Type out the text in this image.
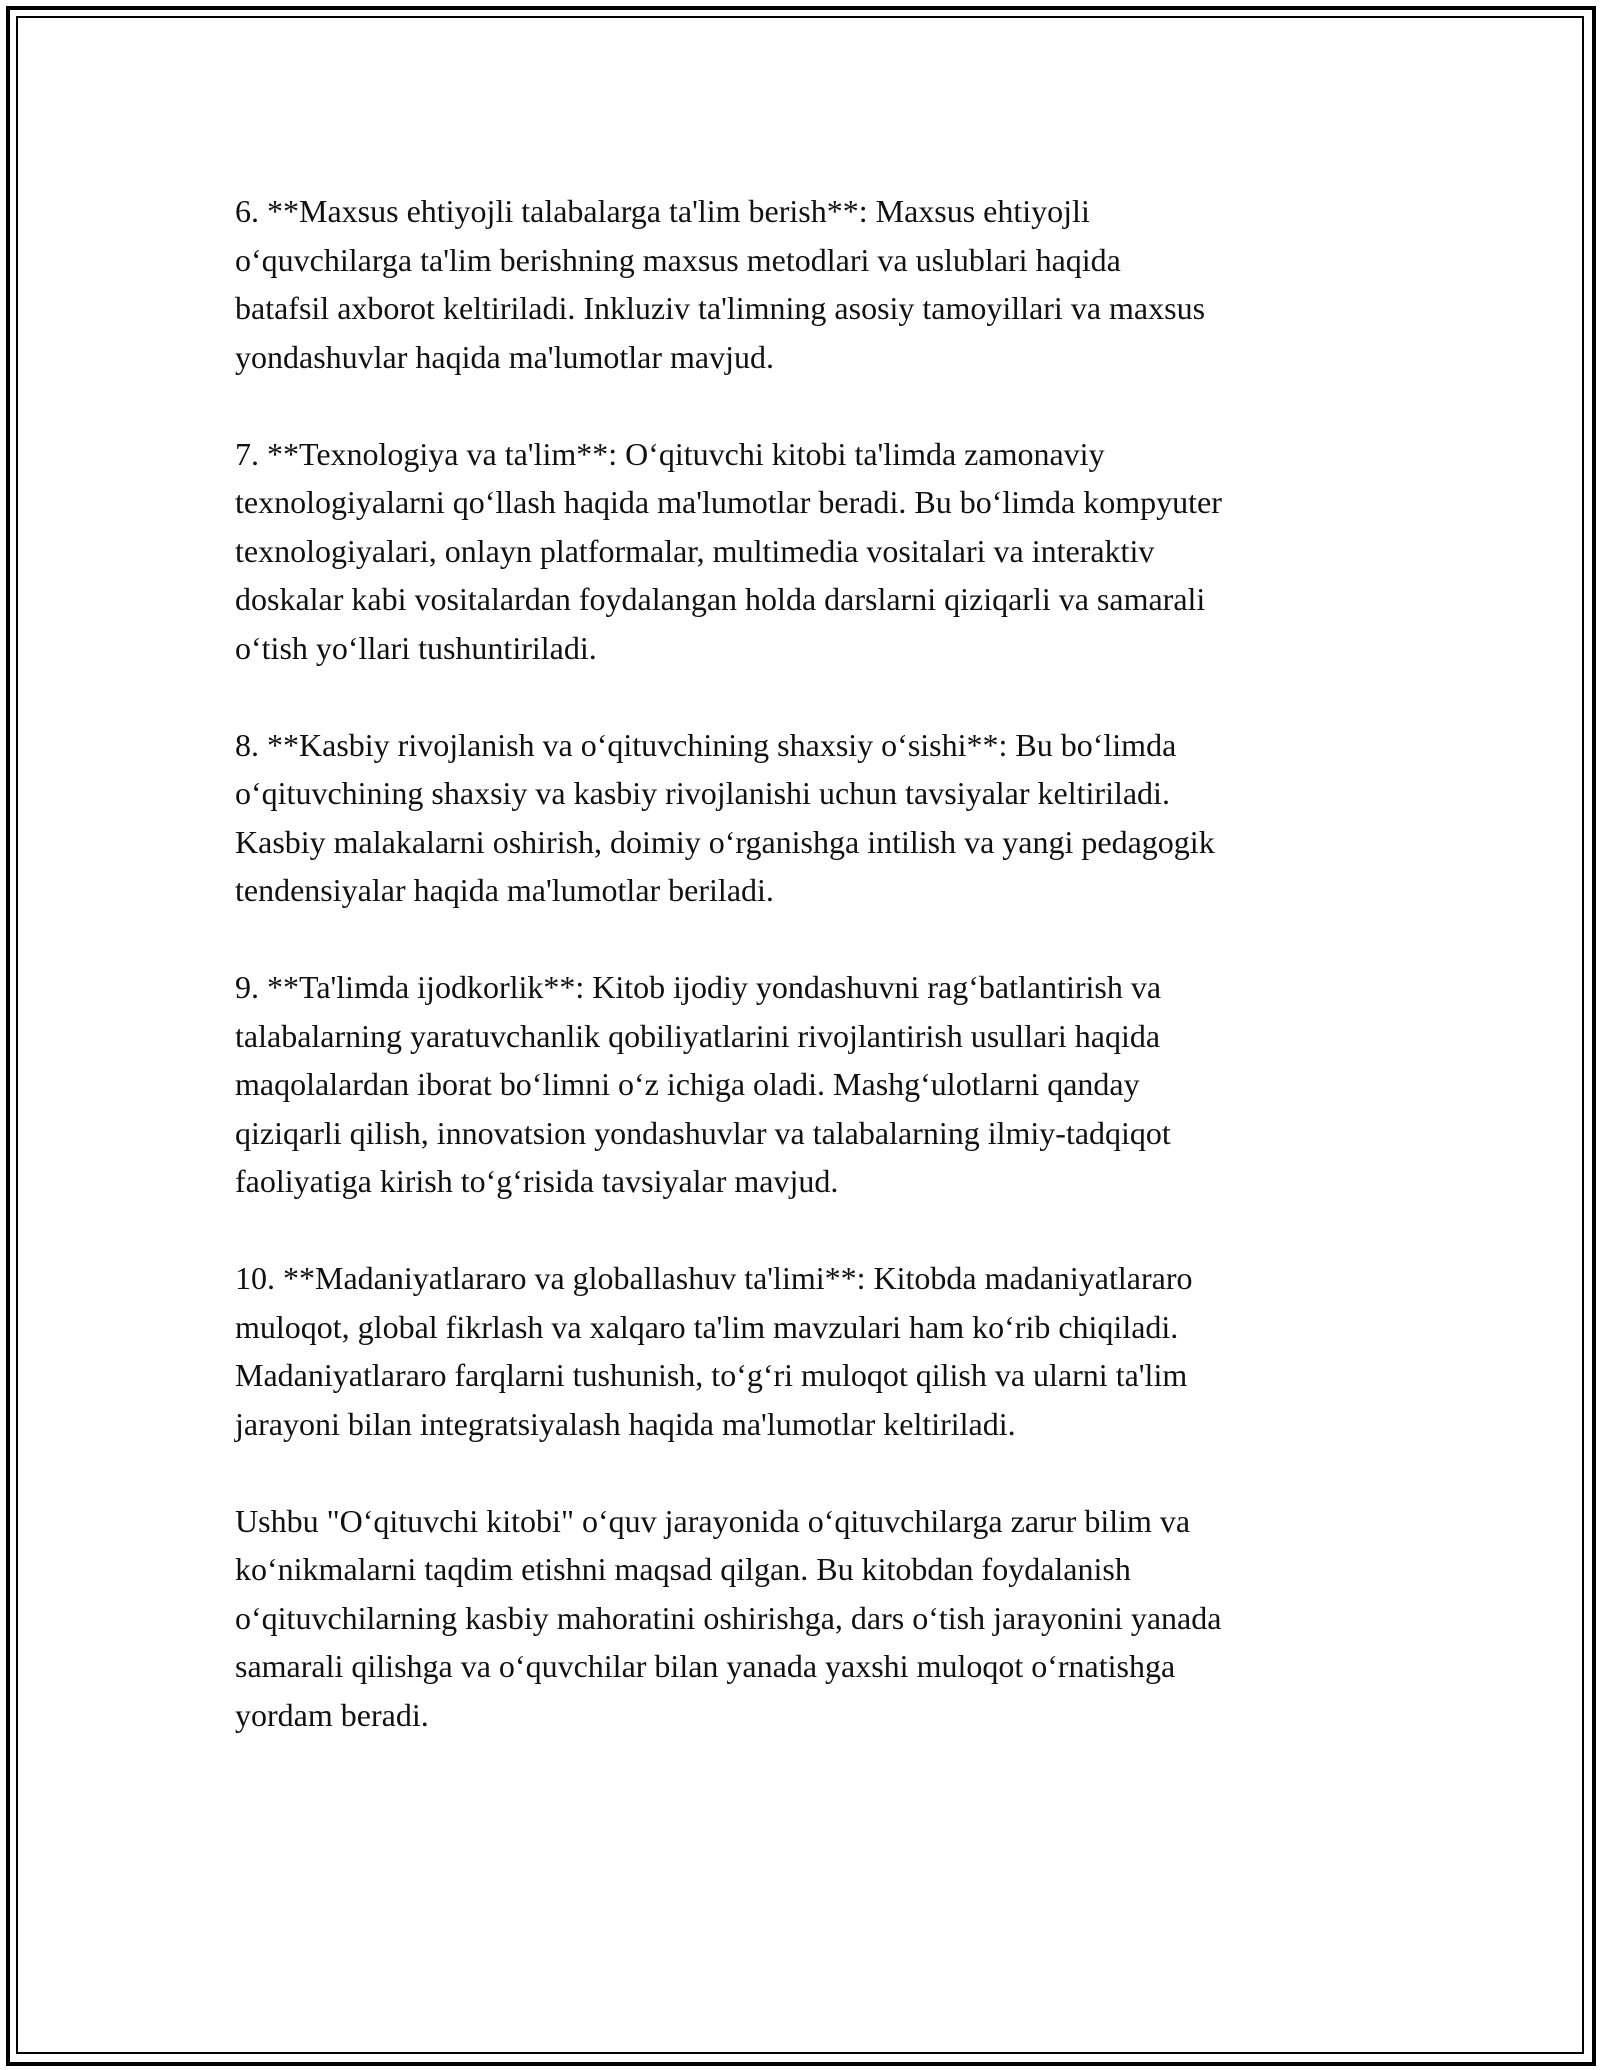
6. **Maxsus ehtiyojli talabalarga ta'lim berish**: Maxsus ehtiyojli
o‘quvchilarga ta'lim berishning maxsus metodlari va uslublari haqida
batafsil axborot keltiriladi. Inkluziv ta'limning asosiy tamoyillari va maxsus
yondashuvlar haqida ma'lumotlar mavjud.

7. **Texnologiya va ta'lim**: O‘qituvchi kitobi ta'limda zamonaviy
texnologiyalarni qo‘llash haqida ma'lumotlar beradi. Bu bo‘limda kompyuter
texnologiyalari, onlayn platformalar, multimedia vositalari va interaktiv
doskalar kabi vositalardan foydalangan holda darslarni qiziqarli va samarali
o‘tish yo‘llari tushuntiriladi.

8. **Kasbiy rivojlanish va o‘qituvchining shaxsiy o‘sishi**: Bu bo‘limda
o‘qituvchining shaxsiy va kasbiy rivojlanishi uchun tavsiyalar keltiriladi.
Kasbiy malakalarni oshirish, doimiy o‘rganishga intilish va yangi pedagogik
tendensiyalar haqida ma'lumotlar beriladi.

9. **Ta'limda ijodkorlik**: Kitob ijodiy yondashuvni rag‘batlantirish va
talabalarning yaratuvchanlik qobiliyatlarini rivojlantirish usullari haqida
maqolalardan iborat bo‘limni o‘z ichiga oladi. Mashg‘ulotlarni qanday
qiziqarli qilish, innovatsion yondashuvlar va talabalarning ilmiy-tadqiqot
faoliyatiga kirish to‘g‘risida tavsiyalar mavjud.

10. **Madaniyatlararo va globallashuv ta'limi**: Kitobda madaniyatlararo
muloqot, global fikrlash va xalqaro ta'lim mavzulari ham ko‘rib chiqiladi.
Madaniyatlararo farqlarni tushunish, to‘g‘ri muloqot qilish va ularni ta'lim
jarayoni bilan integratsiyalash haqida ma'lumotlar keltiriladi.

Ushbu "O‘qituvchi kitobi" o‘quv jarayonida o‘qituvchilarga zarur bilim va
ko‘nikmalarni taqdim etishni maqsad qilgan. Bu kitobdan foydalanish
o‘qituvchilarning kasbiy mahoratini oshirishga, dars o‘tish jarayonini yanada
samarali qilishga va o‘quvchilar bilan yanada yaxshi muloqot o‘rnatishga
yordam beradi.
